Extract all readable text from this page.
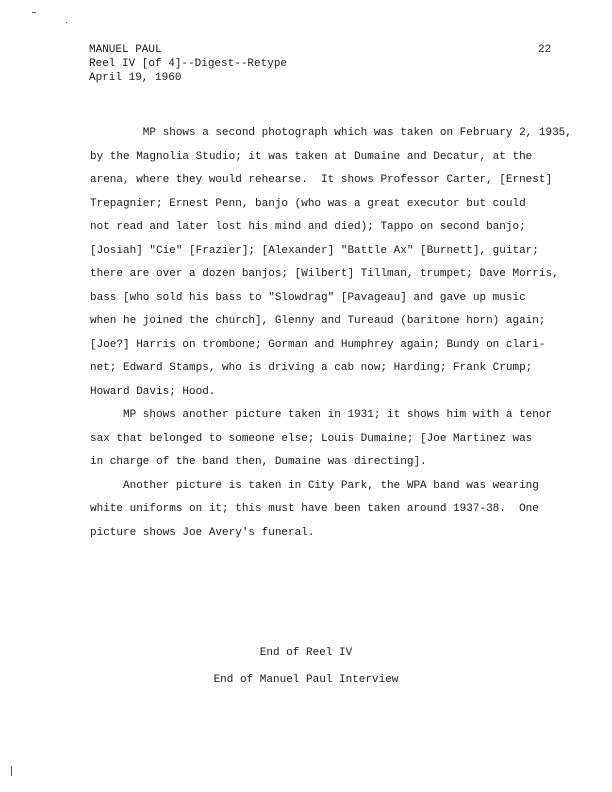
MANUEL PAUL
Reel IV [of 4]--Digest--Retype
April 19, 1960
22
MP shows a second photograph which was taken on February 2, 1935,
by the Magnolia Studio; it was taken at Dumaine and Decatur, at the
arena, where they would rehearse.  It shows Professor Carter, [Ernest]
Trepagnier; Ernest Penn, banjo (who was a great executor but could
not read and later lost his mind and died); Tappo on second banjo;
[Josiah] "Cie" [Frazier]; [Alexander] "Battle Ax" [Burnett], guitar;
there are over a dozen banjos; [Wilbert] Tillman, trumpet; Dave Morris,
bass [who sold his bass to "Slowdrag" [Pavageau] and gave up music
when he joined the church], Glenny and Tureaud (baritone horn) again;
[Joe?] Harris on trombone; Gorman and Humphrey again; Bundy on clari-
net; Edward Stamps, who is driving a cab now; Harding; Frank Crump;
Howard Davis; Hood.
MP shows another picture taken in 1931; it shows him with a tenor
sax that belonged to someone else; Louis Dumaine; [Joe Martinez was
in charge of the band then, Dumaine was directing].
Another picture is taken in City Park, the WPA band was wearing
white uniforms on it; this must have been taken around 1937-38.  One
picture shows Joe Avery's funeral.
End of Reel IV
End of Manuel Paul Interview
